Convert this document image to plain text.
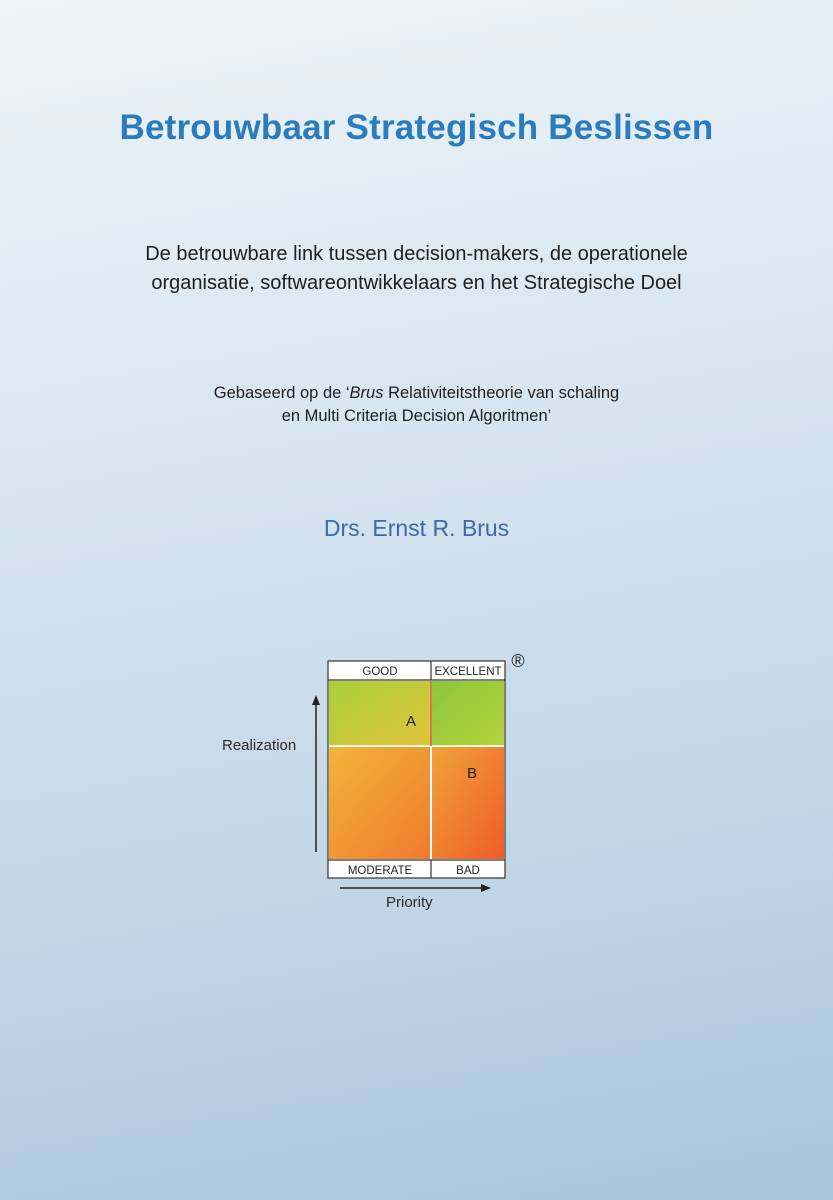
Betrouwbaar Strategisch Beslissen
De betrouwbare link tussen decision-makers, de operationele
organisatie, softwareontwikkelaars en het Strategische Doel
Gebaseerd op de ‘Brus Relativiteitstheorie van schaling
en Multi Criteria Decision Algoritmen’
Drs. Ernst R. Brus
GOOD	EXCELLENT
MODERATE	BAD
A
B
®
Realization
Priority
